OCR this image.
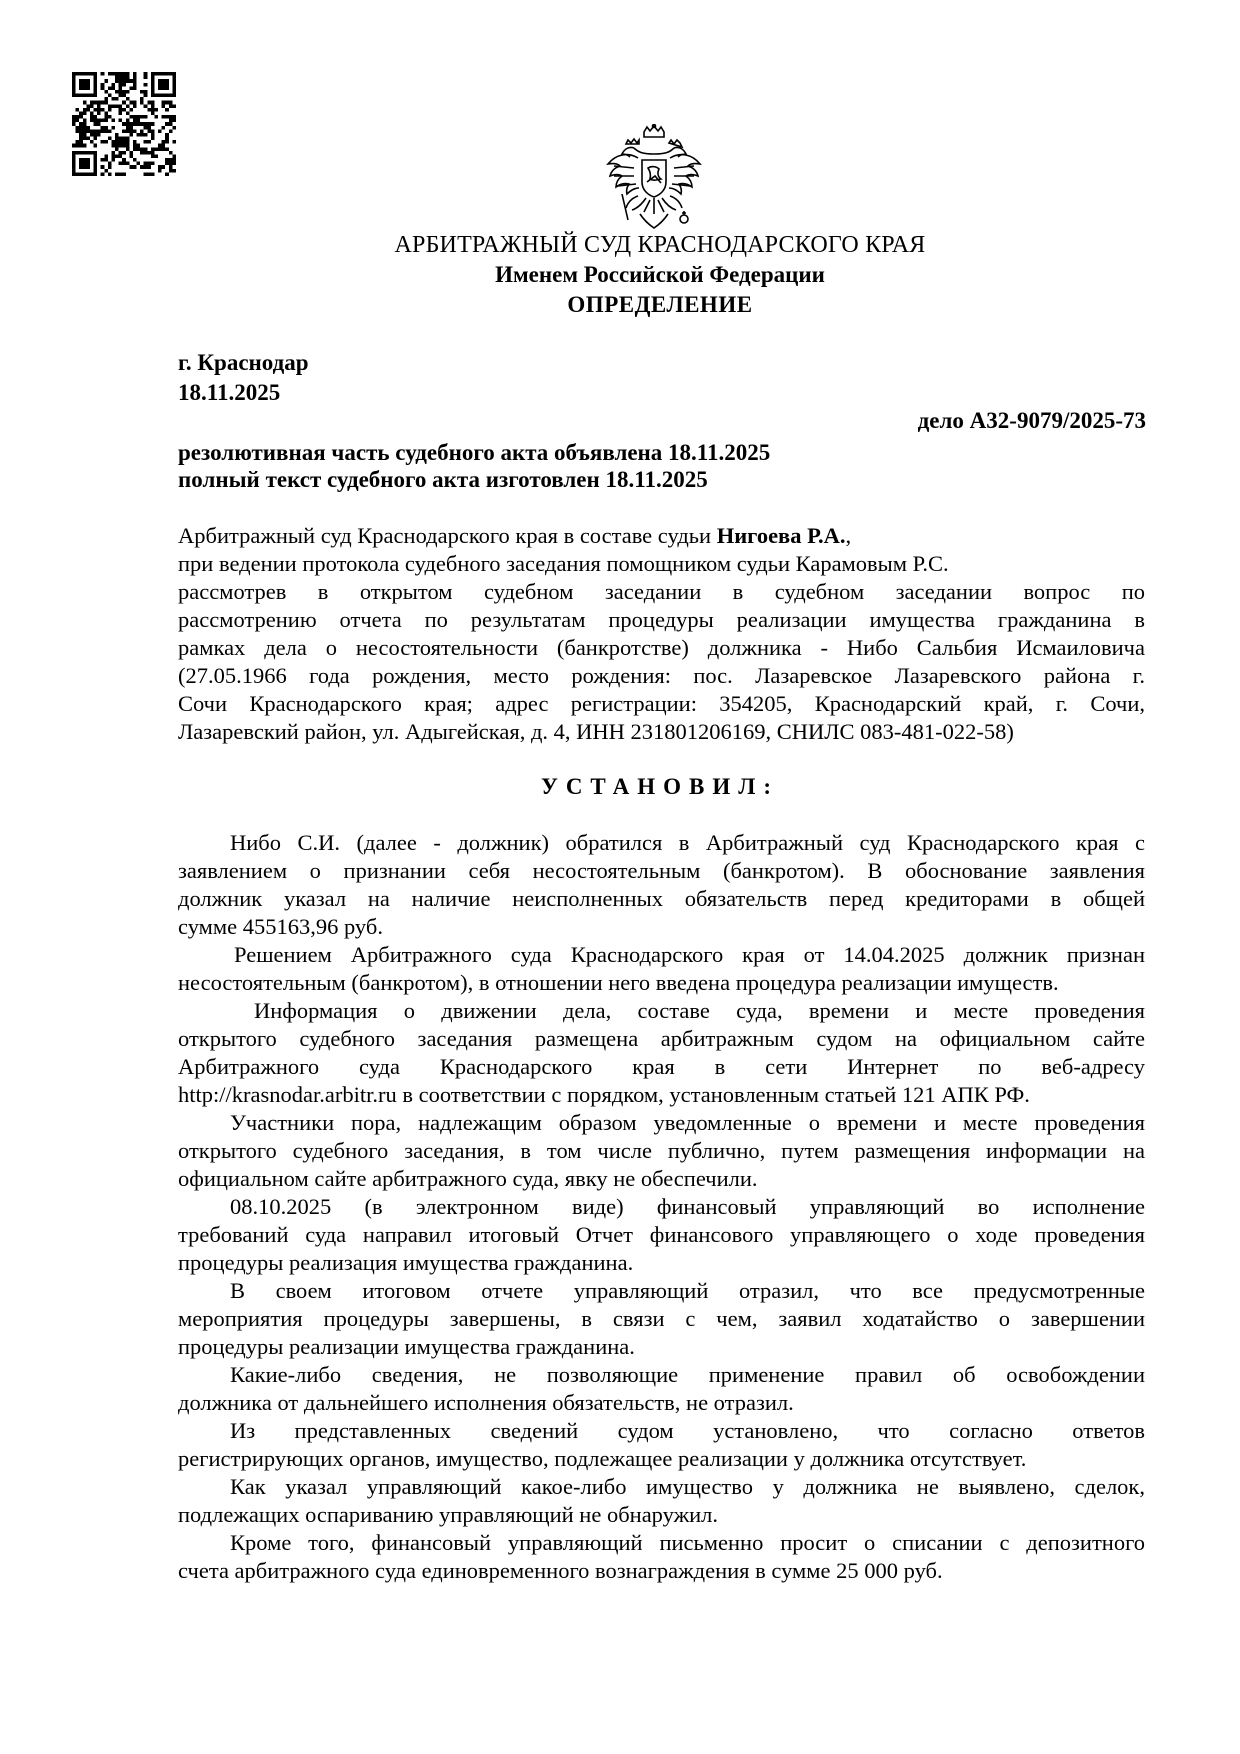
АРБИТРАЖНЫЙ СУД КРАСНОДАРСКОГО КРАЯ
Именем Российской Федерации
ОПРЕДЕЛЕНИЕ
г. Краснодар
18.11.2025
дело А32-9079/2025-73
резолютивная часть судебного акта объявлена 18.11.2025
полный текст судебного акта изготовлен 18.11.2025
Арбитражный суд Краснодарского края в составе судьи Нигоева Р.А.,
при ведении протокола судебного заседания помощником судьи Карамовым Р.С.
рассмотрев в открытом судебном заседании в судебном заседании вопрос по
рассмотрению отчета по результатам процедуры реализации имущества гражданина в
рамках дела о несостоятельности (банкротстве) должника - Нибо Сальбия Исмаиловича
(27.05.1966 года рождения, место рождения: пос. Лазаревское Лазаревского района г.
Сочи Краснодарского края; адрес регистрации: 354205, Краснодарский край, г. Сочи,
Лазаревский район, ул. Адыгейская, д. 4, ИНН 231801206169, СНИЛС 083-481-022-58)
УСТАНОВИЛ:
Нибо С.И. (далее - должник) обратился в Арбитражный суд Краснодарского края с
заявлением о признании себя несостоятельным (банкротом). В обоснование заявления
должник указал на наличие неисполненных обязательств перед кредиторами в общей
сумме 455163,96 руб.
Решением Арбитражного суда Краснодарского края от 14.04.2025 должник признан
несостоятельным (банкротом), в отношении него введена процедура реализации имуществ.
Информация о движении дела, составе суда, времени и месте проведения
открытого судебного заседания размещена арбитражным судом на официальном сайте
Арбитражного суда Краснодарского края в сети Интернет по веб-адресу
http://krasnodar.arbitr.ru в соответствии с порядком, установленным статьей 121 АПК РФ.
Участники пора, надлежащим образом уведомленные о времени и месте проведения
открытого судебного заседания, в том числе публично, путем размещения информации на
официальном сайте арбитражного суда, явку не обеспечили.
08.10.2025 (в электронном виде) финансовый управляющий во исполнение
требований суда направил итоговый Отчет финансового управляющего о ходе проведения
процедуры реализация имущества гражданина.
В своем итоговом отчете управляющий отразил, что все предусмотренные
мероприятия процедуры завершены, в связи с чем, заявил ходатайство о завершении
процедуры реализации имущества гражданина.
Какие-либо сведения, не позволяющие применение правил об освобождении
должника от дальнейшего исполнения обязательств, не отразил.
Из представленных сведений судом установлено, что согласно ответов
регистрирующих органов, имущество, подлежащее реализации у должника отсутствует.
Как указал управляющий какое-либо имущество у должника не выявлено, сделок,
подлежащих оспариванию управляющий не обнаружил.
Кроме того, финансовый управляющий письменно просит о списании с депозитного
счета арбитражного суда единовременного вознаграждения в сумме 25 000 руб.
